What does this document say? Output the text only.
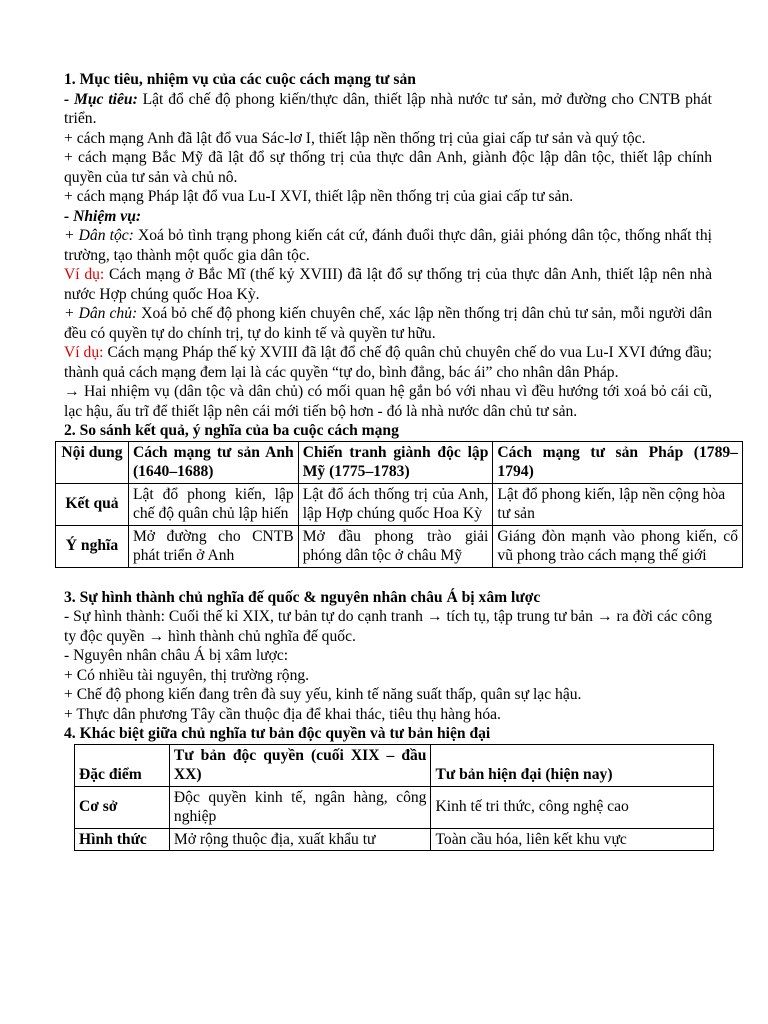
1. Mục tiêu, nhiệm vụ của các cuộc cách mạng tư sản
- Mục tiêu: Lật đổ chế độ phong kiến/thực dân, thiết lập nhà nước tư sản, mở đường cho CNTB phát triển.
+ cách mạng Anh đã lật đổ vua Sác-lơ I, thiết lập nền thống trị của giai cấp tư sản và quý tộc.
+ cách mạng Bắc Mỹ đã lật đổ sự thống trị của thực dân Anh, giành độc lập dân tộc, thiết lập chính quyền của tư sản và chủ nô.
+ cách mạng Pháp lật đổ vua Lu-I XVI, thiết lập nền thống trị của giai cấp tư sản.
- Nhiệm vụ:
+ Dân tộc: Xoá bỏ tình trạng phong kiến cát cứ, đánh đuổi thực dân, giải phóng dân tộc, thống nhất thị trường, tạo thành một quốc gia dân tộc.
Ví dụ: Cách mạng ở Bắc Mĩ (thế kỷ XVIII) đã lật đổ sự thống trị của thực dân Anh, thiết lập nên nhà nước Hợp chúng quốc Hoa Kỳ.
+ Dân chủ: Xoá bỏ chế độ phong kiến chuyên chế, xác lập nền thống trị dân chủ tư sản, mỗi người dân đều có quyền tự do chính trị, tự do kinh tế và quyền tư hữu.
Ví dụ: Cách mạng Pháp thế kỷ XVIII đã lật đổ chế độ quân chủ chuyên chế do vua Lu-I XVI đứng đầu; thành quả cách mạng đem lại là các quyền “tự do, bình đẳng, bác ái” cho nhân dân Pháp.
→ Hai nhiệm vụ (dân tộc và dân chủ) có mối quan hệ gắn bó với nhau vì đều hướng tới xoá bỏ cái cũ, lạc hậu, ấu trĩ để thiết lập nên cái mới tiến bộ hơn - đó là nhà nước dân chủ tư sản.
2. So sánh kết quả, ý nghĩa của ba cuộc cách mạng
Nội dung	Cách mạng tư sản Anh (1640–1688)	Chiến tranh giành độc lập Mỹ (1775–1783)	Cách mạng tư sản Pháp (1789–1794)
Kết quả	Lật đổ phong kiến, lập chế độ quân chủ lập hiến	Lật đổ ách thống trị của Anh, lập Hợp chúng quốc Hoa Kỳ	Lật đổ phong kiến, lập nền cộng hòa tư sản
Ý nghĩa	Mở đường cho CNTB phát triển ở Anh	Mở đầu phong trào giải phóng dân tộc ở châu Mỹ	Giáng đòn mạnh vào phong kiến, cổ vũ phong trào cách mạng thế giới
3. Sự hình thành chủ nghĩa đế quốc & nguyên nhân châu Á bị xâm lược
- Sự hình thành: Cuối thế kỉ XIX, tư bản tự do cạnh tranh → tích tụ, tập trung tư bản → ra đời các công ty độc quyền → hình thành chủ nghĩa đế quốc.
- Nguyên nhân châu Á bị xâm lược:
+ Có nhiều tài nguyên, thị trường rộng.
+ Chế độ phong kiến đang trên đà suy yếu, kinh tế năng suất thấp, quân sự lạc hậu.
+ Thực dân phương Tây cần thuộc địa để khai thác, tiêu thụ hàng hóa.
4. Khác biệt giữa chủ nghĩa tư bản độc quyền và tư bản hiện đại
Đặc điểm	Tư bản độc quyền (cuối XIX – đầu XX)	Tư bản hiện đại (hiện nay)
Cơ sở	Độc quyền kinh tế, ngân hàng, công nghiệp	Kinh tế tri thức, công nghệ cao
Hình thức	Mở rộng thuộc địa, xuất khẩu tư	Toàn cầu hóa, liên kết khu vực
